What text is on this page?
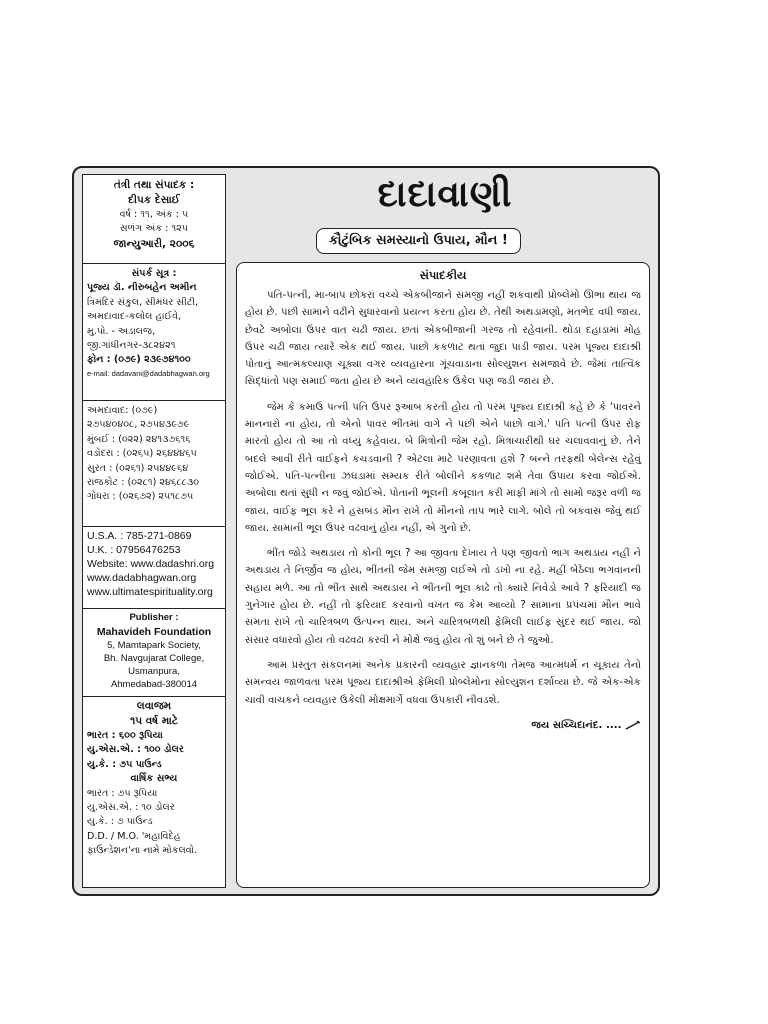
તંત્રી તથા સંપાદક :
દીપક દેસાઈ
વર્ષ : ૧૧, અંક : ૫
સળંગ અંક : ૧૨૫
જાન્યુઆરી, ૨૦૦૬
સંપર્ક સૂત્ર :
પૂજ્ય ડૉ. નીરુબહેન અમીન
ત્રિમંદિર સંકુલ, સીમંધર સીટી,
અમદાવાદ-કલોલ હાઈવે,
મુ.પો. - અડાલજ,
જી.ગાંધીનગર-૩૮૨૪૨૧
ફોન : (૦૭૯) ૨૩૯૭૪૧૦૦
e-mail: dadavani@dadabhagwan.org
અમદાવાદ: (૦૭૯)
૨૭૫૪૦૪૦૮, ૨૭૫૪૩૯૭૯
મુંબઈ : (૦૨૨) ૨૪૧૩૭૬૧૬
વડોદરા : (૦૨૬૫) ૨૬૪૪૪૬૫
સુરત : (૦૨૬૧) ૨૫૪૪૯૬૪
રાજકોટ : (૦૨૮૧) ૨૪૬૮૮૩૦
ગોધરા : (૦૨૬૭૨) ૨૫૧૮૭૫
U.S.A. : 785-271-0869
U.K. : 07956476253
Website: www.dadashri.org
www.dadabhagwan.org
www.ultimatespirituality.org
Publisher :
Mahavideh Foundation
5, Mamtapark Society,
Bh. Navgujarat College,
Usmanpura,
Ahmedabad-380014
લવાજમ
૧૫ વર્ષ માટે
ભારત : ૬૦૦ રૂપિયા
યુ.એસ.એ. : ૧૦૦ ડોલર
યુ.કે. : ૭૫ પાઉન્ડ
વાર્ષિક સભ્ય
ભારત : ૭૫ રૂપિયા
યુ.એસ.એ. : ૧૦ ડોલર
યુ.કે. : ૭ પાઉન્ડ
D.D. / M.O. 'મહાવિદેહ
ફાઉન્ડેશન'ના નામે મોકલવો.
દાદાવાણી
કૌટુંબિક સમસ્યાનો ઉપાય, મૌન !
સંપાદકીય

પતિ-પત્ની, મા-બાપ છોકરાં વચ્ચે એકબીજાને સમજી નહીં શકવાથી પ્રોબ્લેમો ઊભા થાય જ હોય છે. પછી સામાને વઢીને સુધારવાનો પ્રયત્ન કરતા હોય છે. તેથી અથડામણો, મતભેદ વધી જાય. છેવટે અબોલા ઉપર વાત ચઢી જાય. છતાં એકબીજાની ગરજ તો રહેવાની. થોડા દહાડામાં મોહ ઉપર ચઢી જાય ત્યારે એક થઈ જાય. પાછો કકળાટ થતાં જુદા પાડી જાય. પરમ પૂજ્ય દાદાશ્રી પોતાનું આત્મકલ્યાણ ચૂક્યા વગર વ્યવહારના ગૂંચવાડાના સોલ્યુશન સમજાવે છે. જેમાં તાત્વિક સિદ્ધાંતો પણ સમાઈ જતા હોય છે અને વ્યવહારિક ઉકેલ પણ જડી જાય છે.

જેમ કે કમાઉ પત્ની પતિ ઉપર રૂઆબ કરતી હોય તો પરમ પૂજ્ય દાદાશ્રી કહે છે કે 'પાવરને માનનારો ના હોય, તો એનો પાવર ભીંતમાં વાગે ને પછી એને પાછો વાગે.' પતિ પત્ની ઉપર રોફ મારતો હોય તો આ તો વંધ્યું કહેવાય. બે મિત્રોની જેમ રહો. મિત્રાચારીથી ઘર ચલાવવાનું છે. તેને બદલે આવી રીતે વાઈફને કચડવાની ? એટલા માટે પરણાવતા હશે ? બન્ને તરફથી બેલેન્સ રહેવું જોઈએ. પતિ-પત્નીના ઝઘડામાં સમ્યક રીતે બોલીને કકળાટ શમે તેવા ઉપાય કરવા જોઈએ. અબોલા થતાં સુધી ન જવું જોઈએ. પોતાની ભૂલની કબૂલાત કરી માફી માંગે તો સામો જરૂર વળી જ જાય. વાઈફ ભૂલ કરે ને હસબંડ મૌન રાખે તો મૌનનો તાપ ભારે લાગે. બોલે તો બકવાસ જેવું થઈ જાય. સામાની ભૂલ ઉપર વઢવાનું હોય નહીં, એ ગુનો છે.

ભીંત જોડે અથડાય તો કોની ભૂલ ? આ જીવતા દેખાય તે પણ જીવતો ભાગ અથડાય નહીં ને અથડાય તે નિર્જીવ જ હોય, ભીંતની જેમ સમજી લઈએ તો ડખો ના રહે. મહીં બેઠેલા ભગવાનની સહાય મળે. આ તો ભીંત સાથે અથડાય ને ભીંતની ભૂલ કાઢે તો ક્યારે નિવેડો આવે ? ફરિયાદી જ ગુનેગાર હોય છે. નહીં તો ફરિયાદ કરવાનો વખત જ કેમ આવ્યો ? સામાના પ્રપંચમાં મૌન ભાવે સમતા રાખે તો ચારિત્રબળ ઉત્પન્ન થાય. અને ચારિત્રબળથી ફેમિલી લાઈફ સુંદર થઈ જાય. જો સંસાર વધારવો હોય તો વઢવઢા કરવી ને મોક્ષે જવું હોય તો શું બને છે તે જુઓ.

આમ પ્રસ્તુત સંકલનમાં અનેક પ્રકારની વ્યવહાર જ્ઞાનકળા તેમજ આત્મધર્મ ન ચૂકાય તેનો સમન્વય જાળવતા પરમ પૂજ્ય દાદાશ્રીએ ફેમિલી પ્રોબ્લેમોના સોલ્યુશન દર્શાવ્યા છે. જે એક-એક ચાવી વાચકને વ્યવહાર ઉકેલી મોક્ષમાર્ગે વધવા ઉપકારી નીવડશે.

જય સચ્ચિદાનંદ. ....
